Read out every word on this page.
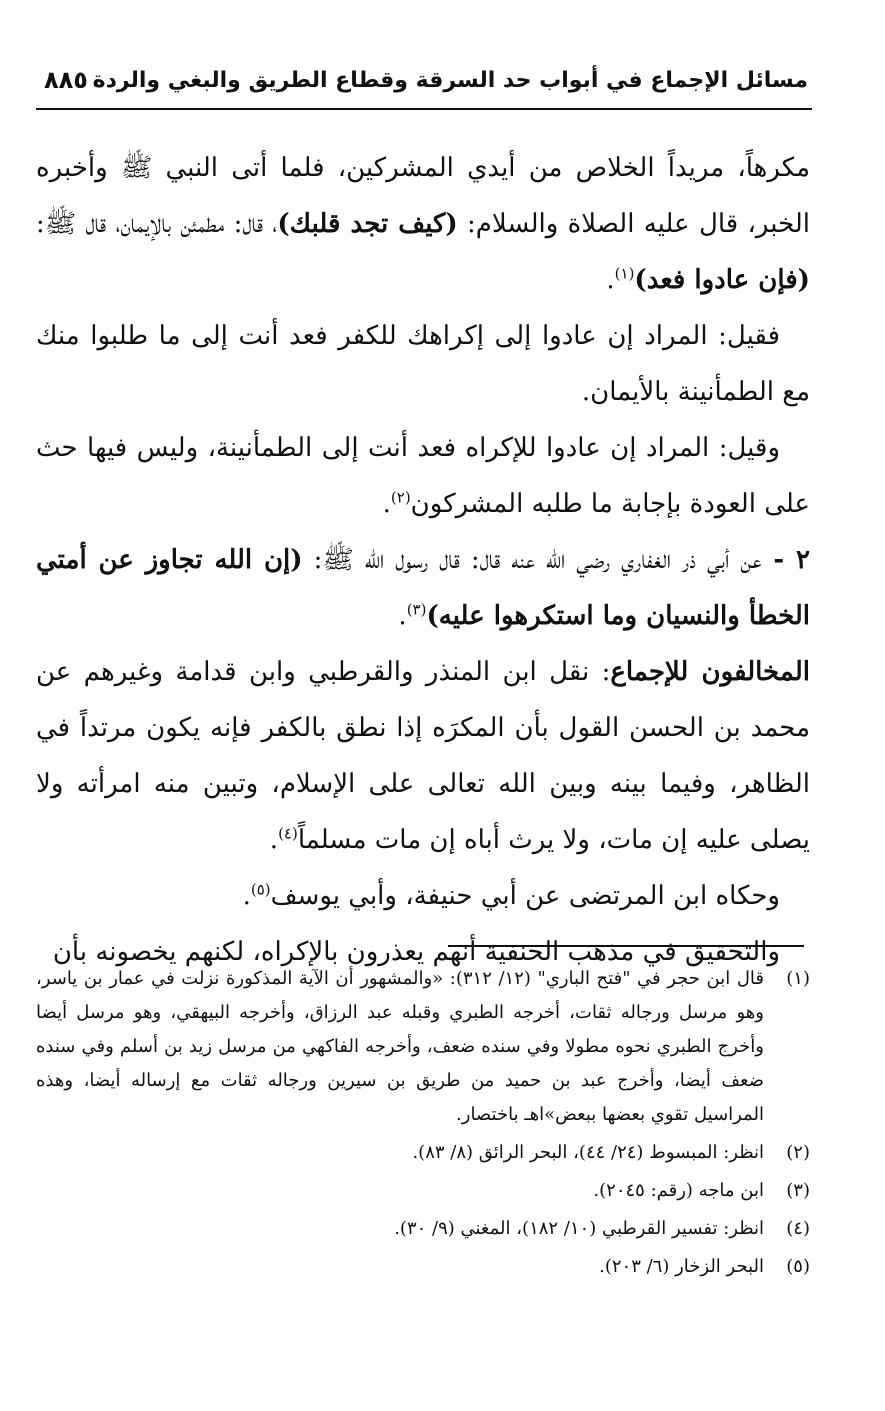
مسائل الإجماع في أبواب حد السرقة وقطاع الطريق والبغي والردة
٨٨٥

مكرهاً، مريداً الخلاص من أيدي المشركين، فلما أتى النبي ﷺ وأخبره الخبر، قال عليه الصلاة والسلام: (كيف تجد قلبك)، قال: مطمئن بالإيمان، قال ﷺ: (فإن عادوا فعد)$^{(١)}$.

فقيل: المراد إن عادوا إلى إكراهك للكفر فعد أنت إلى ما طلبوا منك مع الطمأنينة بالأيمان.

وقيل: المراد إن عادوا للإكراه فعد أنت إلى الطمأنينة، وليس فيها حث على العودة بإجابة ما طلبه المشركون$^{(٢)}$.

٢ - عن أبي ذر الغفاري رضي الله عنه قال: قال رسول الله ﷺ: (إن الله تجاوز عن أمتي الخطأ والنسيان وما استكرهوا عليه)$^{(٣)}$.

المخالفون للإجماع: نقل ابن المنذر والقرطبي وابن قدامة وغيرهم عن محمد بن الحسن القول بأن المكرَه إذا نطق بالكفر فإنه يكون مرتداً في الظاهر، وفيما بينه وبين الله تعالى على الإسلام، وتبين منه امرأته ولا يصلى عليه إن مات، ولا يرث أباه إن مات مسلماً$^{(٤)}$.

وحكاه ابن المرتضى عن أبي حنيفة، وأبي يوسف$^{(٥)}$.

والتحقيق في مذهب الحنفية أنهم يعذرون بالإكراه، لكنهم يخصونه بأن

(١)
قال ابن حجر في "فتح الباري" (١٢/ ٣١٢): «والمشهور أن الآية المذكورة نزلت في عمار بن ياسر، وهو مرسل ورجاله ثقات، أخرجه الطبري وقبله عبد الرزاق، وأخرجه البيهقي، وهو مرسل أيضا وأخرج الطبري نحوه مطولا وفي سنده ضعف، وأخرجه الفاكهي من مرسل زيد بن أسلم وفي سنده ضعف أيضا، وأخرج عبد بن حميد من طريق بن سيرين ورجاله ثقات مع إرساله أيضا، وهذه المراسيل تقوي بعضها ببعض»اهـ باختصار.
(٢)
انظر: المبسوط (٢٤/ ٤٤)، البحر الرائق (٨/ ٨٣).
(٣)
ابن ماجه (رقم: ٢٠٤٥).
(٤)
انظر: تفسير القرطبي (١٠/ ١٨٢)، المغني (٩/ ٣٠).
(٥)
البحر الزخار (٦/ ٢٠٣).
